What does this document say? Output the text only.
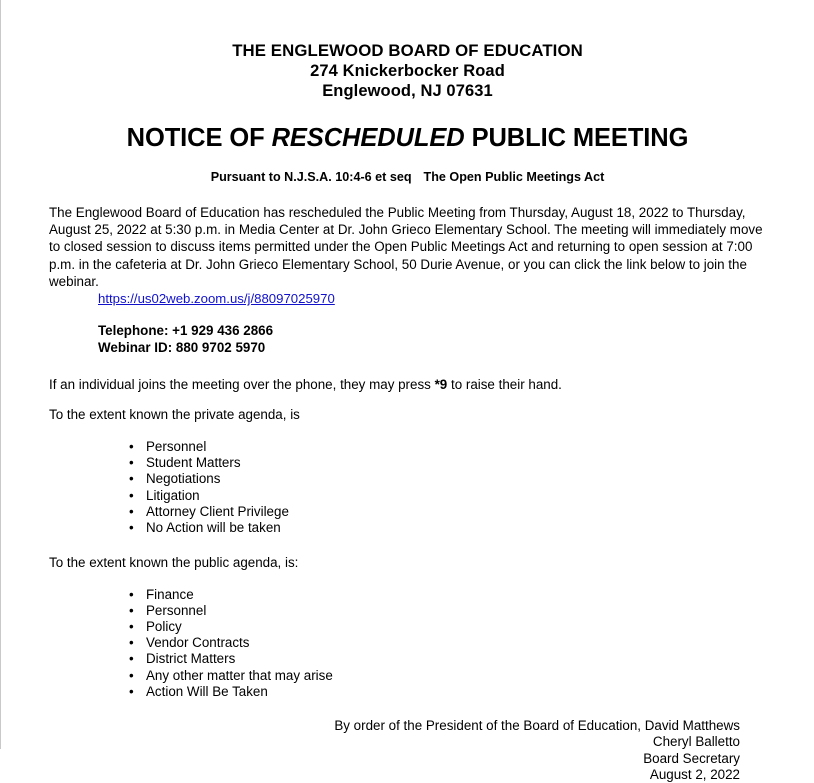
THE ENGLEWOOD BOARD OF EDUCATION
274 Knickerbocker Road
Englewood, NJ 07631
NOTICE OF RESCHEDULED PUBLIC MEETING
Pursuant to N.J.S.A. 10:4-6 et seq The Open Public Meetings Act

The Englewood Board of Education has rescheduled the Public Meeting from Thursday, August 18, 2022 to Thursday, August 25, 2022 at 5:30 p.m. in Media Center at Dr. John Grieco Elementary School. The meeting will immediately move to closed session to discuss items permitted under the Open Public Meetings Act and returning to open session at 7:00 p.m. in the cafeteria at Dr. John Grieco Elementary School, 50 Durie Avenue, or you can click the link below to join the webinar.

https://us02web.zoom.us/j/88097025970
Telephone: +1 929 436 2866
Webinar ID: 880 9702 5970

If an individual joins the meeting over the phone, they may press *9 to raise their hand.

To the extent known the private agenda, is

• Personnel
• Student Matters
• Negotiations
• Litigation
• Attorney Client Privilege
• No Action will be taken

To the extent known the public agenda, is:

• Finance
• Personnel
• Policy
• Vendor Contracts
• District Matters
• Any other matter that may arise
• Action Will Be Taken
By order of the President of the Board of Education, David Matthews
Cheryl Balletto
Board Secretary
August 2, 2022
